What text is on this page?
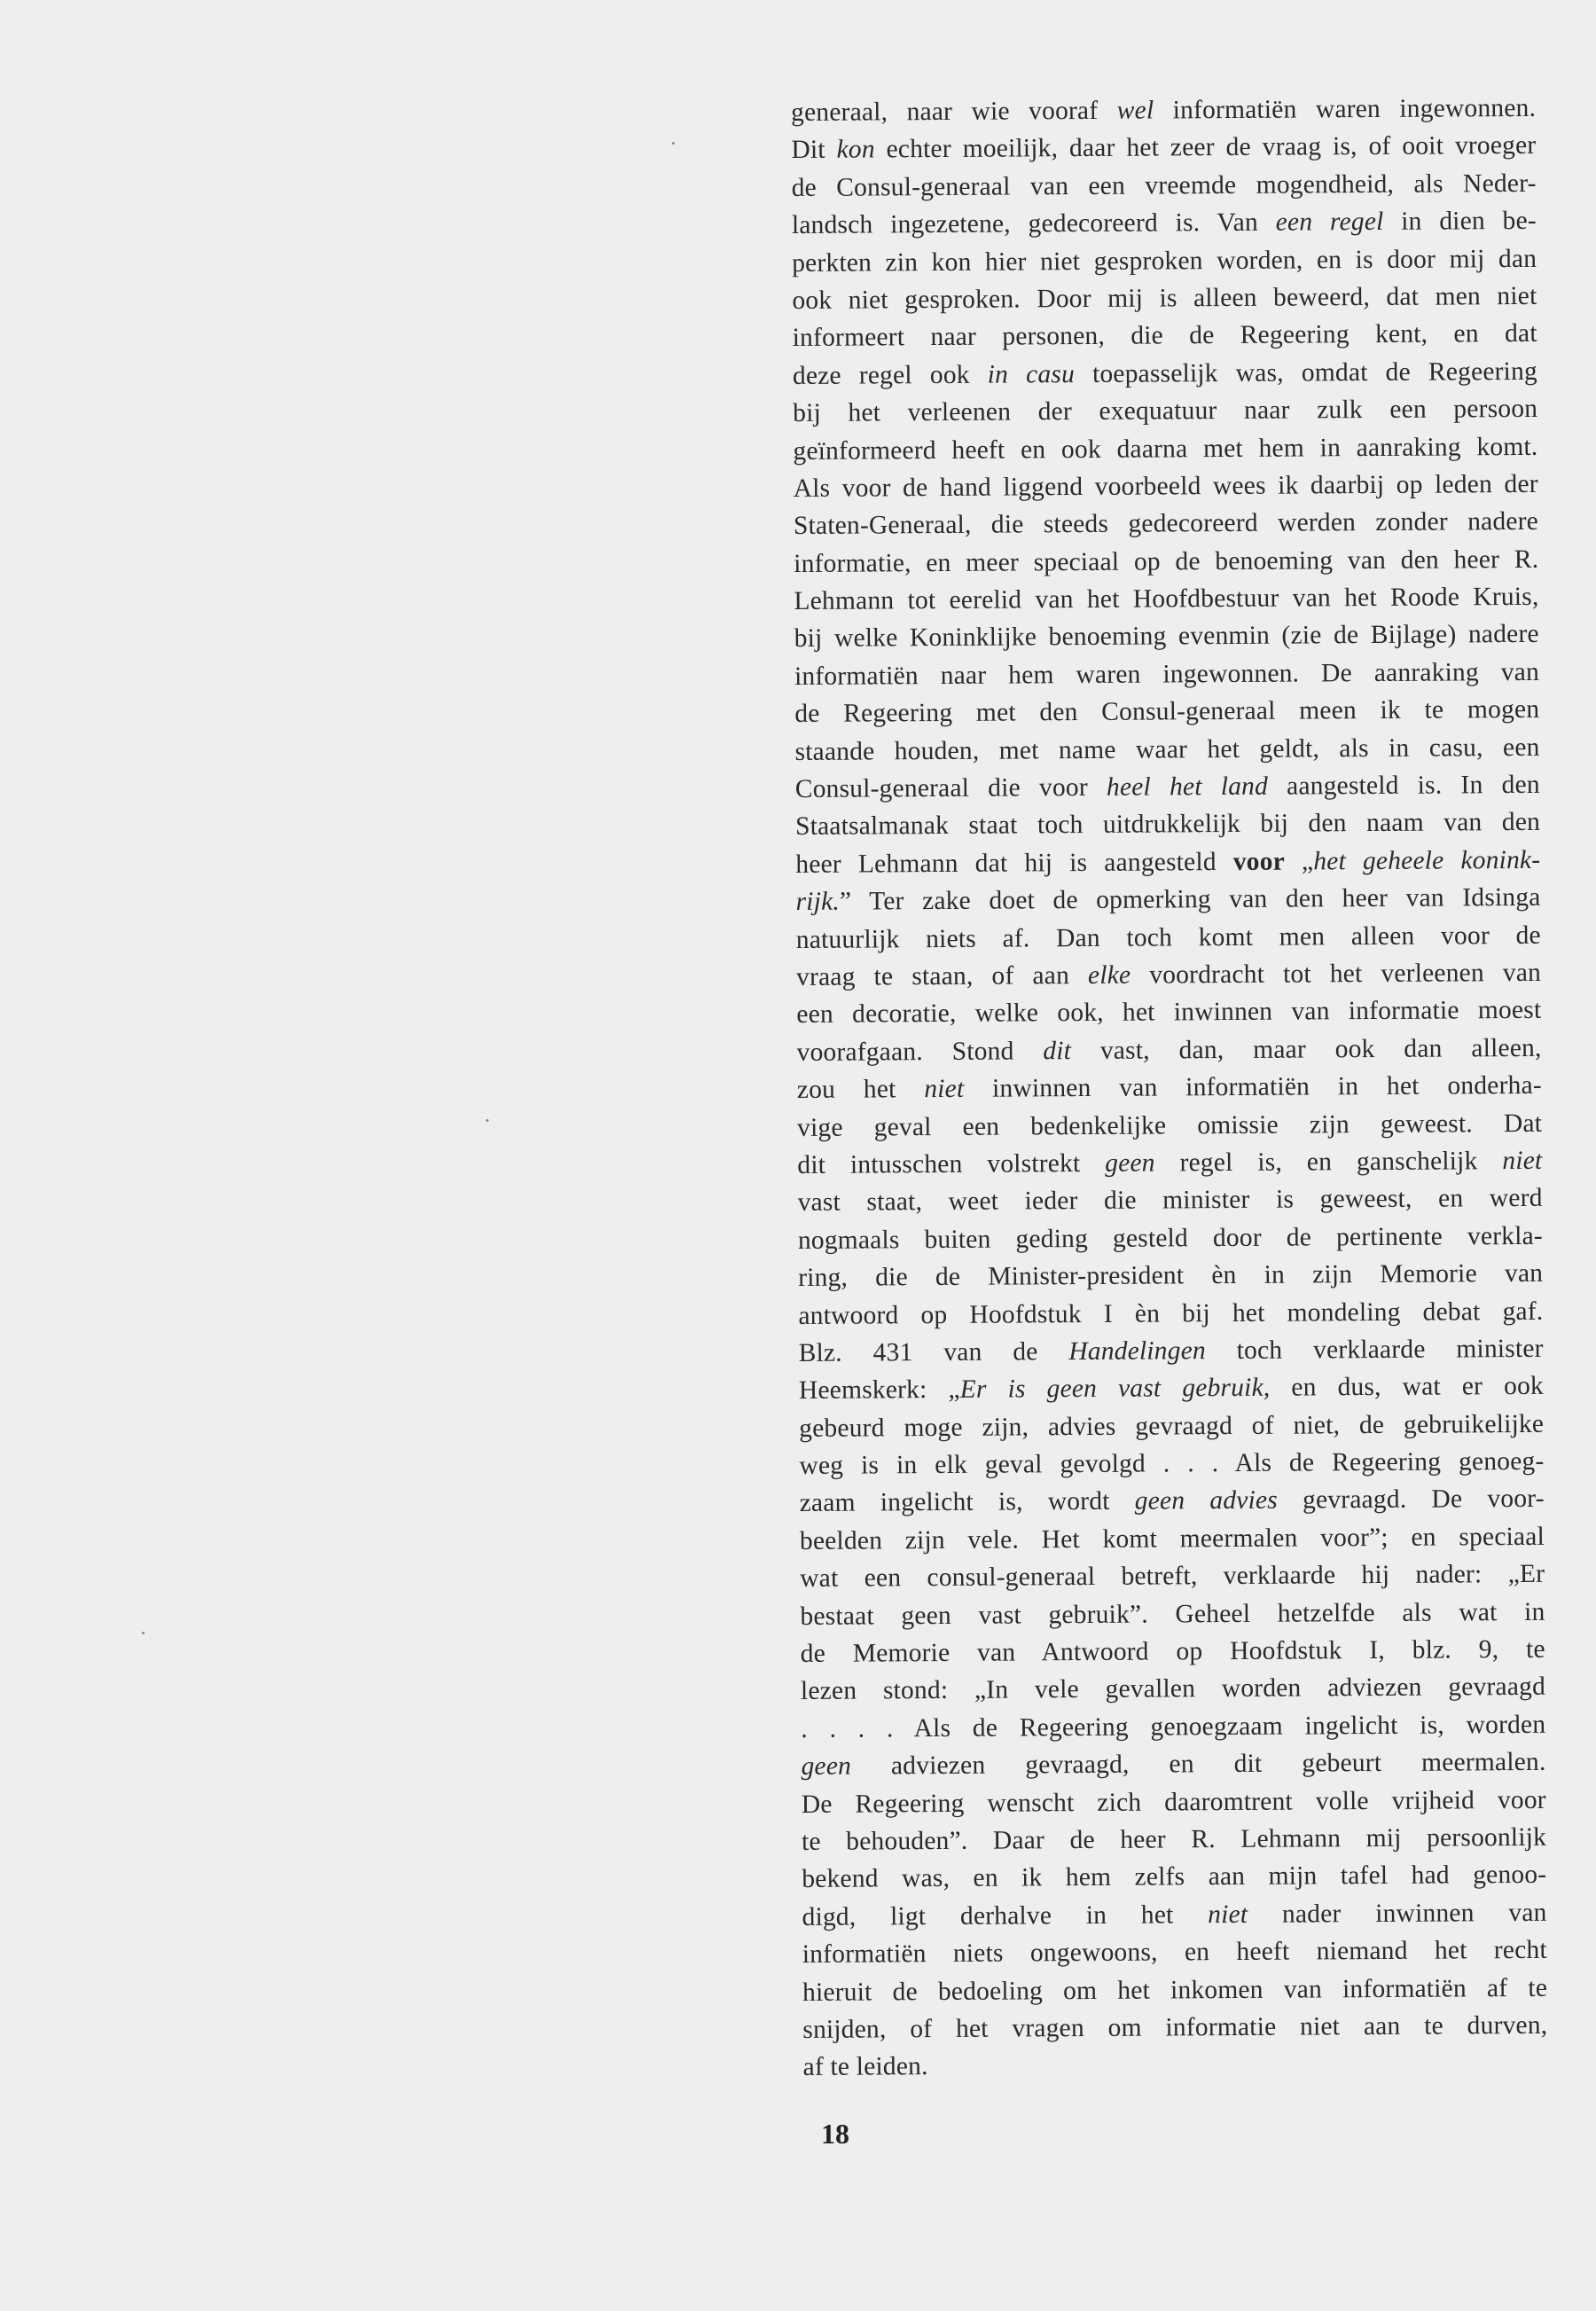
generaal, naar wie vooraf wel informatiën waren ingewonnen.
Dit kon echter moeilijk, daar het zeer de vraag is, of ooit vroeger
de Consul-generaal van een vreemde mogendheid, als Neder-
landsch ingezetene, gedecoreerd is. Van een regel in dien be-
perkten zin kon hier niet gesproken worden, en is door mij dan
ook niet gesproken. Door mij is alleen beweerd, dat men niet
informeert naar personen, die de Regeering kent, en dat
deze regel ook in casu toepasselijk was, omdat de Regeering
bij het verleenen der exequatuur naar zulk een persoon
geïnformeerd heeft en ook daarna met hem in aanraking komt.
Als voor de hand liggend voorbeeld wees ik daarbij op leden der
Staten-Generaal, die steeds gedecoreerd werden zonder nadere
informatie, en meer speciaal op de benoeming van den heer R.
Lehmann tot eerelid van het Hoofdbestuur van het Roode Kruis,
bij welke Koninklijke benoeming evenmin (zie de Bijlage) nadere
informatiën naar hem waren ingewonnen. De aanraking van
de Regeering met den Consul-generaal meen ik te mogen
staande houden, met name waar het geldt, als in casu, een
Consul-generaal die voor heel het land aangesteld is. In den
Staatsalmanak staat toch uitdrukkelijk bij den naam van den
heer Lehmann dat hij is aangesteld voor „het geheele konink-
rijk.” Ter zake doet de opmerking van den heer van Idsinga
natuurlijk niets af. Dan toch komt men alleen voor de
vraag te staan, of aan elke voordracht tot het verleenen van
een decoratie, welke ook, het inwinnen van informatie moest
voorafgaan. Stond dit vast, dan, maar ook dan alleen,
zou het niet inwinnen van informatiën in het onderha-
vige geval een bedenkelijke omissie zijn geweest. Dat
dit intusschen volstrekt geen regel is, en ganschelijk niet
vast staat, weet ieder die minister is geweest, en werd
nogmaals buiten geding gesteld door de pertinente verkla-
ring, die de Minister-president èn in zijn Memorie van
antwoord op Hoofdstuk I èn bij het mondeling debat gaf.
Blz. 431 van de Handelingen toch verklaarde minister
Heemskerk: „Er is geen vast gebruik, en dus, wat er ook
gebeurd moge zijn, advies gevraagd of niet, de gebruikelijke
weg is in elk geval gevolgd . . . Als de Regeering genoeg-
zaam ingelicht is, wordt geen advies gevraagd. De voor-
beelden zijn vele. Het komt meermalen voor”; en speciaal
wat een consul-generaal betreft, verklaarde hij nader: „Er
bestaat geen vast gebruik”. Geheel hetzelfde als wat in
de Memorie van Antwoord op Hoofdstuk I, blz. 9, te
lezen stond: „In vele gevallen worden adviezen gevraagd
. . . . Als de Regeering genoegzaam ingelicht is, worden
geen adviezen gevraagd, en dit gebeurt meermalen.
De Regeering wenscht zich daaromtrent volle vrijheid voor
te behouden”. Daar de heer R. Lehmann mij persoonlijk
bekend was, en ik hem zelfs aan mijn tafel had genoo-
digd, ligt derhalve in het niet nader inwinnen van
informatiën niets ongewoons, en heeft niemand het recht
hieruit de bedoeling om het inkomen van informatiën af te
snijden, of het vragen om informatie niet aan te durven,
af te leiden.
18
